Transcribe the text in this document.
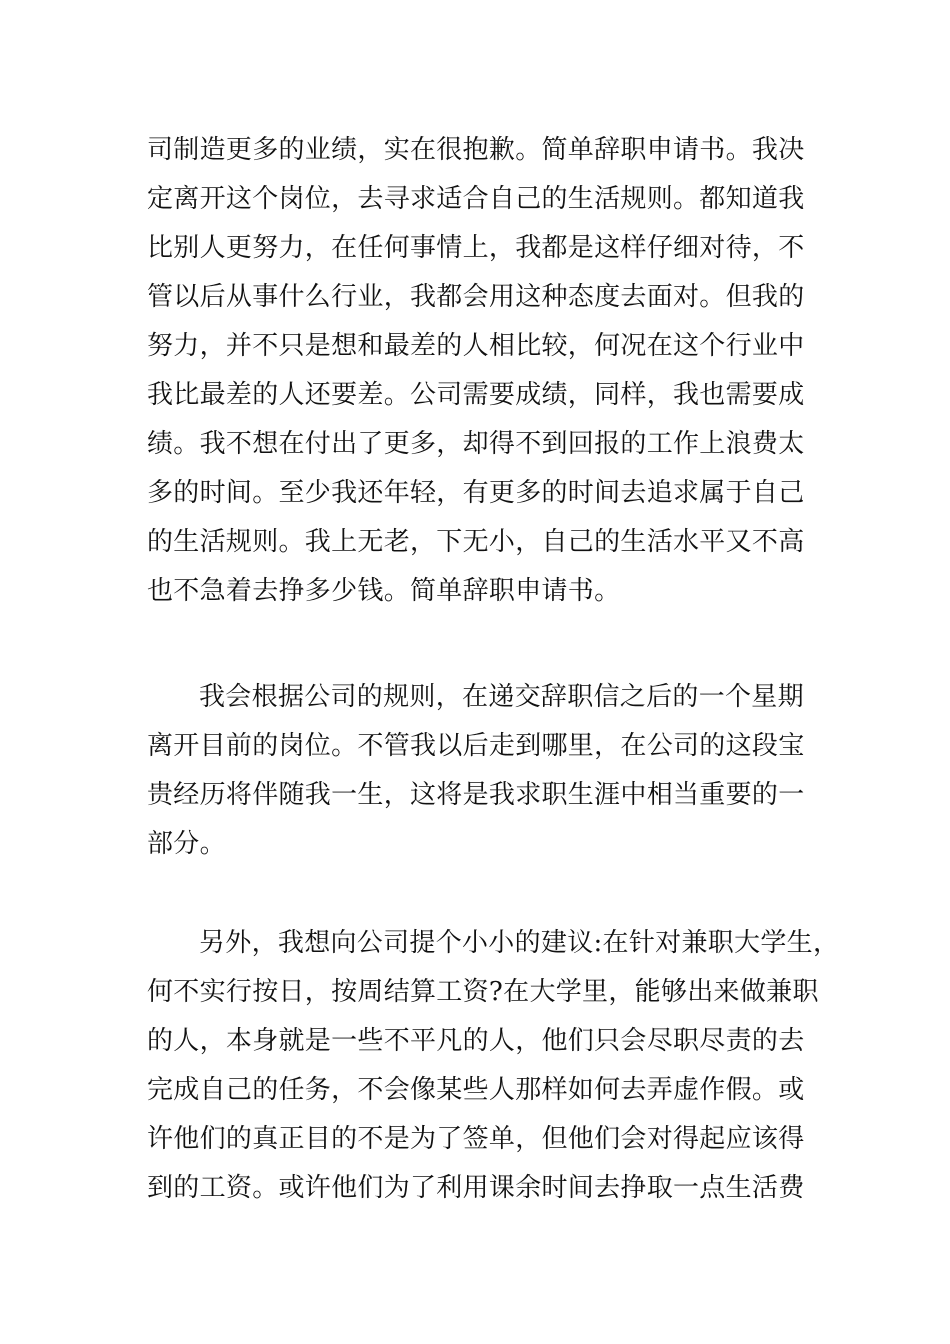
司制造更多的业绩，实在很抱歉。简单辞职申请书。我决
定离开这个岗位，去寻求适合自己的生活规则。都知道我
比别人更努力，在任何事情上，我都是这样仔细对待，不
管以后从事什么行业，我都会用这种态度去面对。但我的
努力，并不只是想和最差的人相比较，何况在这个行业中
我比最差的人还要差。公司需要成绩，同样，我也需要成
绩。我不想在付出了更多，却得不到回报的工作上浪费太
多的时间。至少我还年轻，有更多的时间去追求属于自己
的生活规则。我上无老，下无小，自己的生活水平又不高
也不急着去挣多少钱。简单辞职申请书。
我会根据公司的规则，在递交辞职信之后的一个星期
离开目前的岗位。不管我以后走到哪里，在公司的这段宝
贵经历将伴随我一生，这将是我求职生涯中相当重要的一
部分。
另外，我想向公司提个小小的建议:在针对兼职大学生，
何不实行按日，按周结算工资?在大学里，能够出来做兼职
的人，本身就是一些不平凡的人，他们只会尽职尽责的去
完成自己的任务，不会像某些人那样如何去弄虚作假。或
许他们的真正目的不是为了签单，但他们会对得起应该得
到的工资。或许他们为了利用课余时间去挣取一点生活费
